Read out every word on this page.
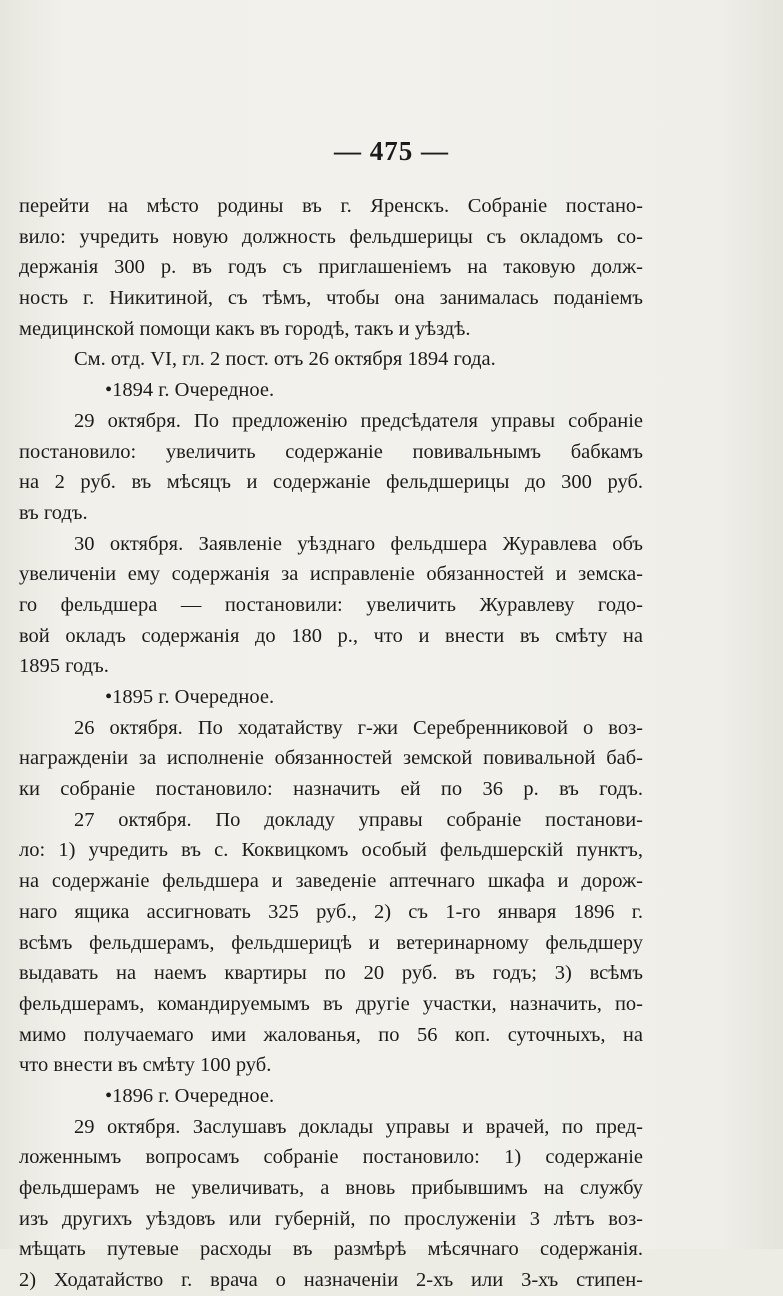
— 475 —
перейти на мѣсто родины въ г. Яренскъ. Собраніе постано-
вило: учредить новую должность фельдшерицы съ окладомъ со-
держанія 300 р. въ годъ съ приглашеніемъ на таковую долж-
ность г. Никитиной, съ тѣмъ, чтобы она занималась поданіемъ
медицинской помощи какъ въ городѣ, такъ и уѣздѣ.
См. отд. VI, гл. 2 пост. отъ 26 октября 1894 года.
•1894 г. Очередное.
29 октября. По предложенію предсѣдателя управы собраніе
постановило: увеличить содержаніе повивальнымъ бабкамъ
на 2 руб. въ мѣсяцъ и содержаніе фельдшерицы до 300 руб.
въ годъ.
30 октября. Заявленіе уѣзднаго фельдшера Журавлева объ
увеличеніи ему содержанія за исправленіе обязанностей и земска-
го фельдшера — постановили: увеличить Журавлеву годо-
вой окладъ содержанія до 180 р., что и внести въ смѣту на
1895 годъ.
•1895 г. Очередное.
26 октября. По ходатайству г-жи Серебренниковой о воз-
награжденіи за исполненіе обязанностей земской повивальной баб-
ки собраніе постановило: назначить ей по 36 р. въ годъ.
27 октября. По докладу управы собраніе постанови-
ло: 1) учредить въ с. Коквицкомъ особый фельдшерскій пунктъ,
на содержаніе фельдшера и заведеніе аптечнаго шкафа и дорож-
наго ящика ассигновать 325 руб., 2) съ 1-го января 1896 г.
всѣмъ фельдшерамъ, фельдшерицѣ и ветеринарному фельдшеру
выдавать на наемъ квартиры по 20 руб. въ годъ; 3) всѣмъ
фельдшерамъ, командируемымъ въ другіе участки, назначить, по-
мимо получаемаго ими жалованья, по 56 коп. суточныхъ, на
что внести въ смѣту 100 руб.
•1896 г. Очередное.
29 октября. Заслушавъ доклады управы и врачей, по пред-
ложеннымъ вопросамъ собраніе постановило: 1) содержаніе
фельдшерамъ не увеличивать, а вновь прибывшимъ на службу
изъ другихъ уѣздовъ или губерній, по прослуженіи 3 лѣтъ воз-
мѣщать путевые расходы въ размѣрѣ мѣсячнаго содержанія.
2) Ходатайство г. врача о назначеніи 2-хъ или 3-хъ стипен-
